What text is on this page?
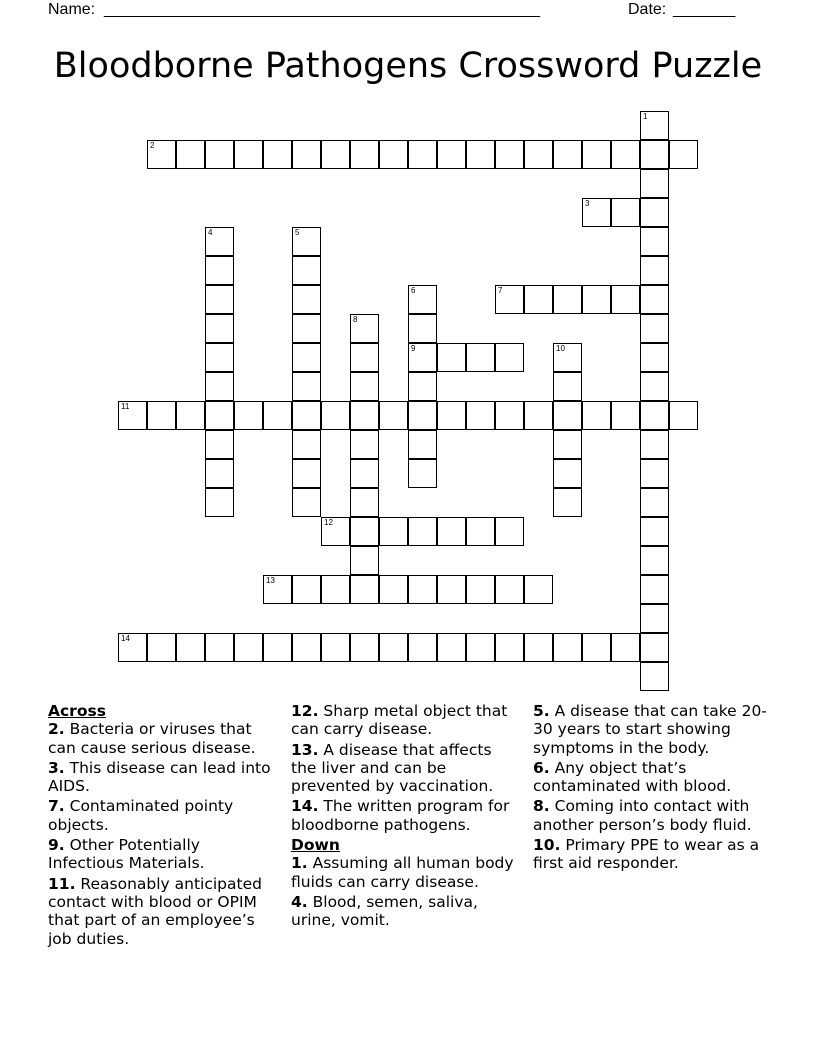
Name: _________________________________________________	Date: _______
Bloodborne Pathogens Crossword Puzzle
1
2
3
4	5
6
9
7
8
10
11
12
13
14
Across
2. Bacteria or viruses that can cause serious disease.
3. This disease can lead into AIDS.
7. Contaminated pointy objects.
9. Other Potentially Infectious Materials.
11. Reasonably anticipated contact with blood or OPIM that part of an employee’s job duties.
12. Sharp metal object that can carry disease.
13. A disease that affects the liver and can be prevented by vaccination.
14. The written program for bloodborne pathogens.
Down
1. Assuming all human body fluids can carry disease.
4. Blood, semen, saliva, urine, vomit.
5. A disease that can take 20-30 years to start showing symptoms in the body.
6. Any object that’s contaminated with blood.
8. Coming into contact with another person’s body fluid.
10. Primary PPE to wear as a first aid responder.
